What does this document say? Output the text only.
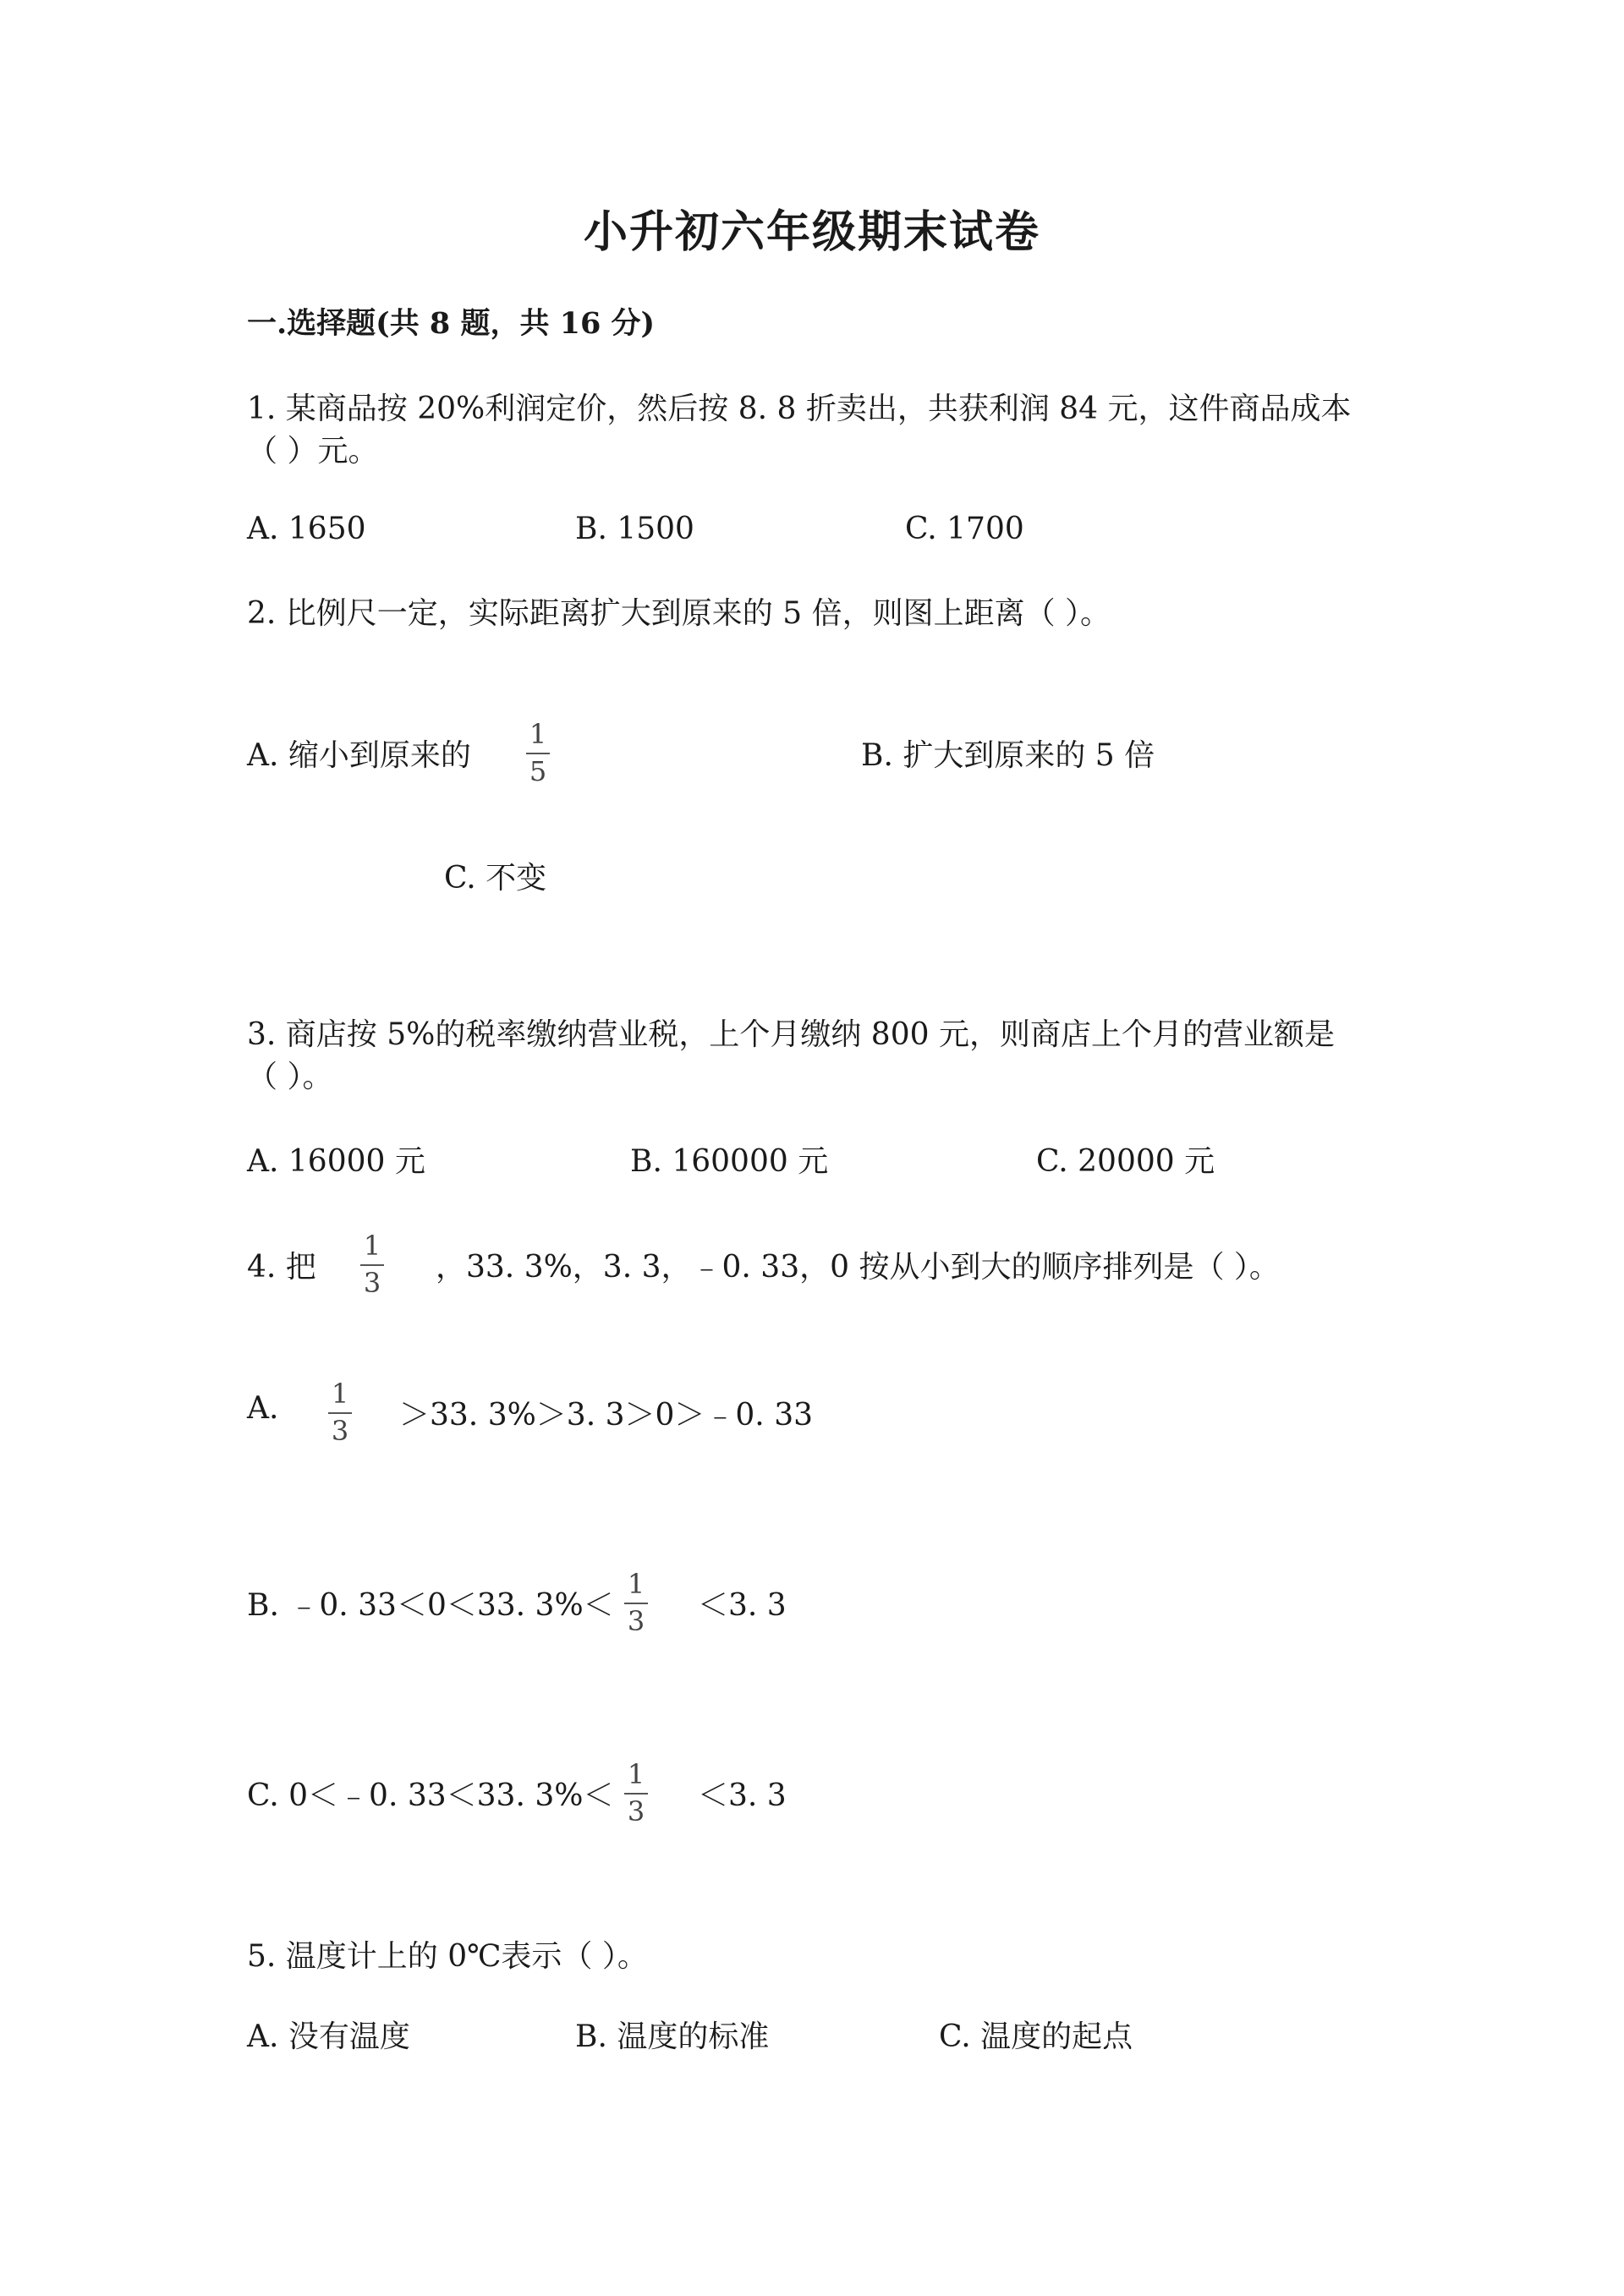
小升初六年级期末试卷
一.选择题(共 8 题，共 16 分)
1. 某商品按 20%利润定价，然后按 8. 8 折卖出，共获利润 84 元，这件商品成本
（ ）元。
A. 1650	B. 1500	C. 1700
2. 比例尺一定，实际距离扩大到原来的 5 倍，则图上距离（ ）。
A. 缩小到原来的
1
5	B. 扩大到原来的 5 倍
C. 不变
3. 商店按 5%的税率缴纳营业税，上个月缴纳 800 元，则商店上个月的营业额是
（ ）。
A. 16000 元	B. 160000 元	C. 20000 元
4. 把
1
3 ，33. 3%，3. 3，﹣0. 33，0 按从小到大的顺序排列是（ ）。
A. 1
3 ＞33. 3%＞3. 3＞0＞﹣0. 33
B. ﹣0. 33＜0＜33. 3%＜
1
3 ＜3. 3
C. 0＜﹣0. 33＜33. 3%＜
1
3 ＜3. 3
5. 温度计上的 0℃表示（ ）。
A. 没有温度	B. 温度的标准	C. 温度的起点
